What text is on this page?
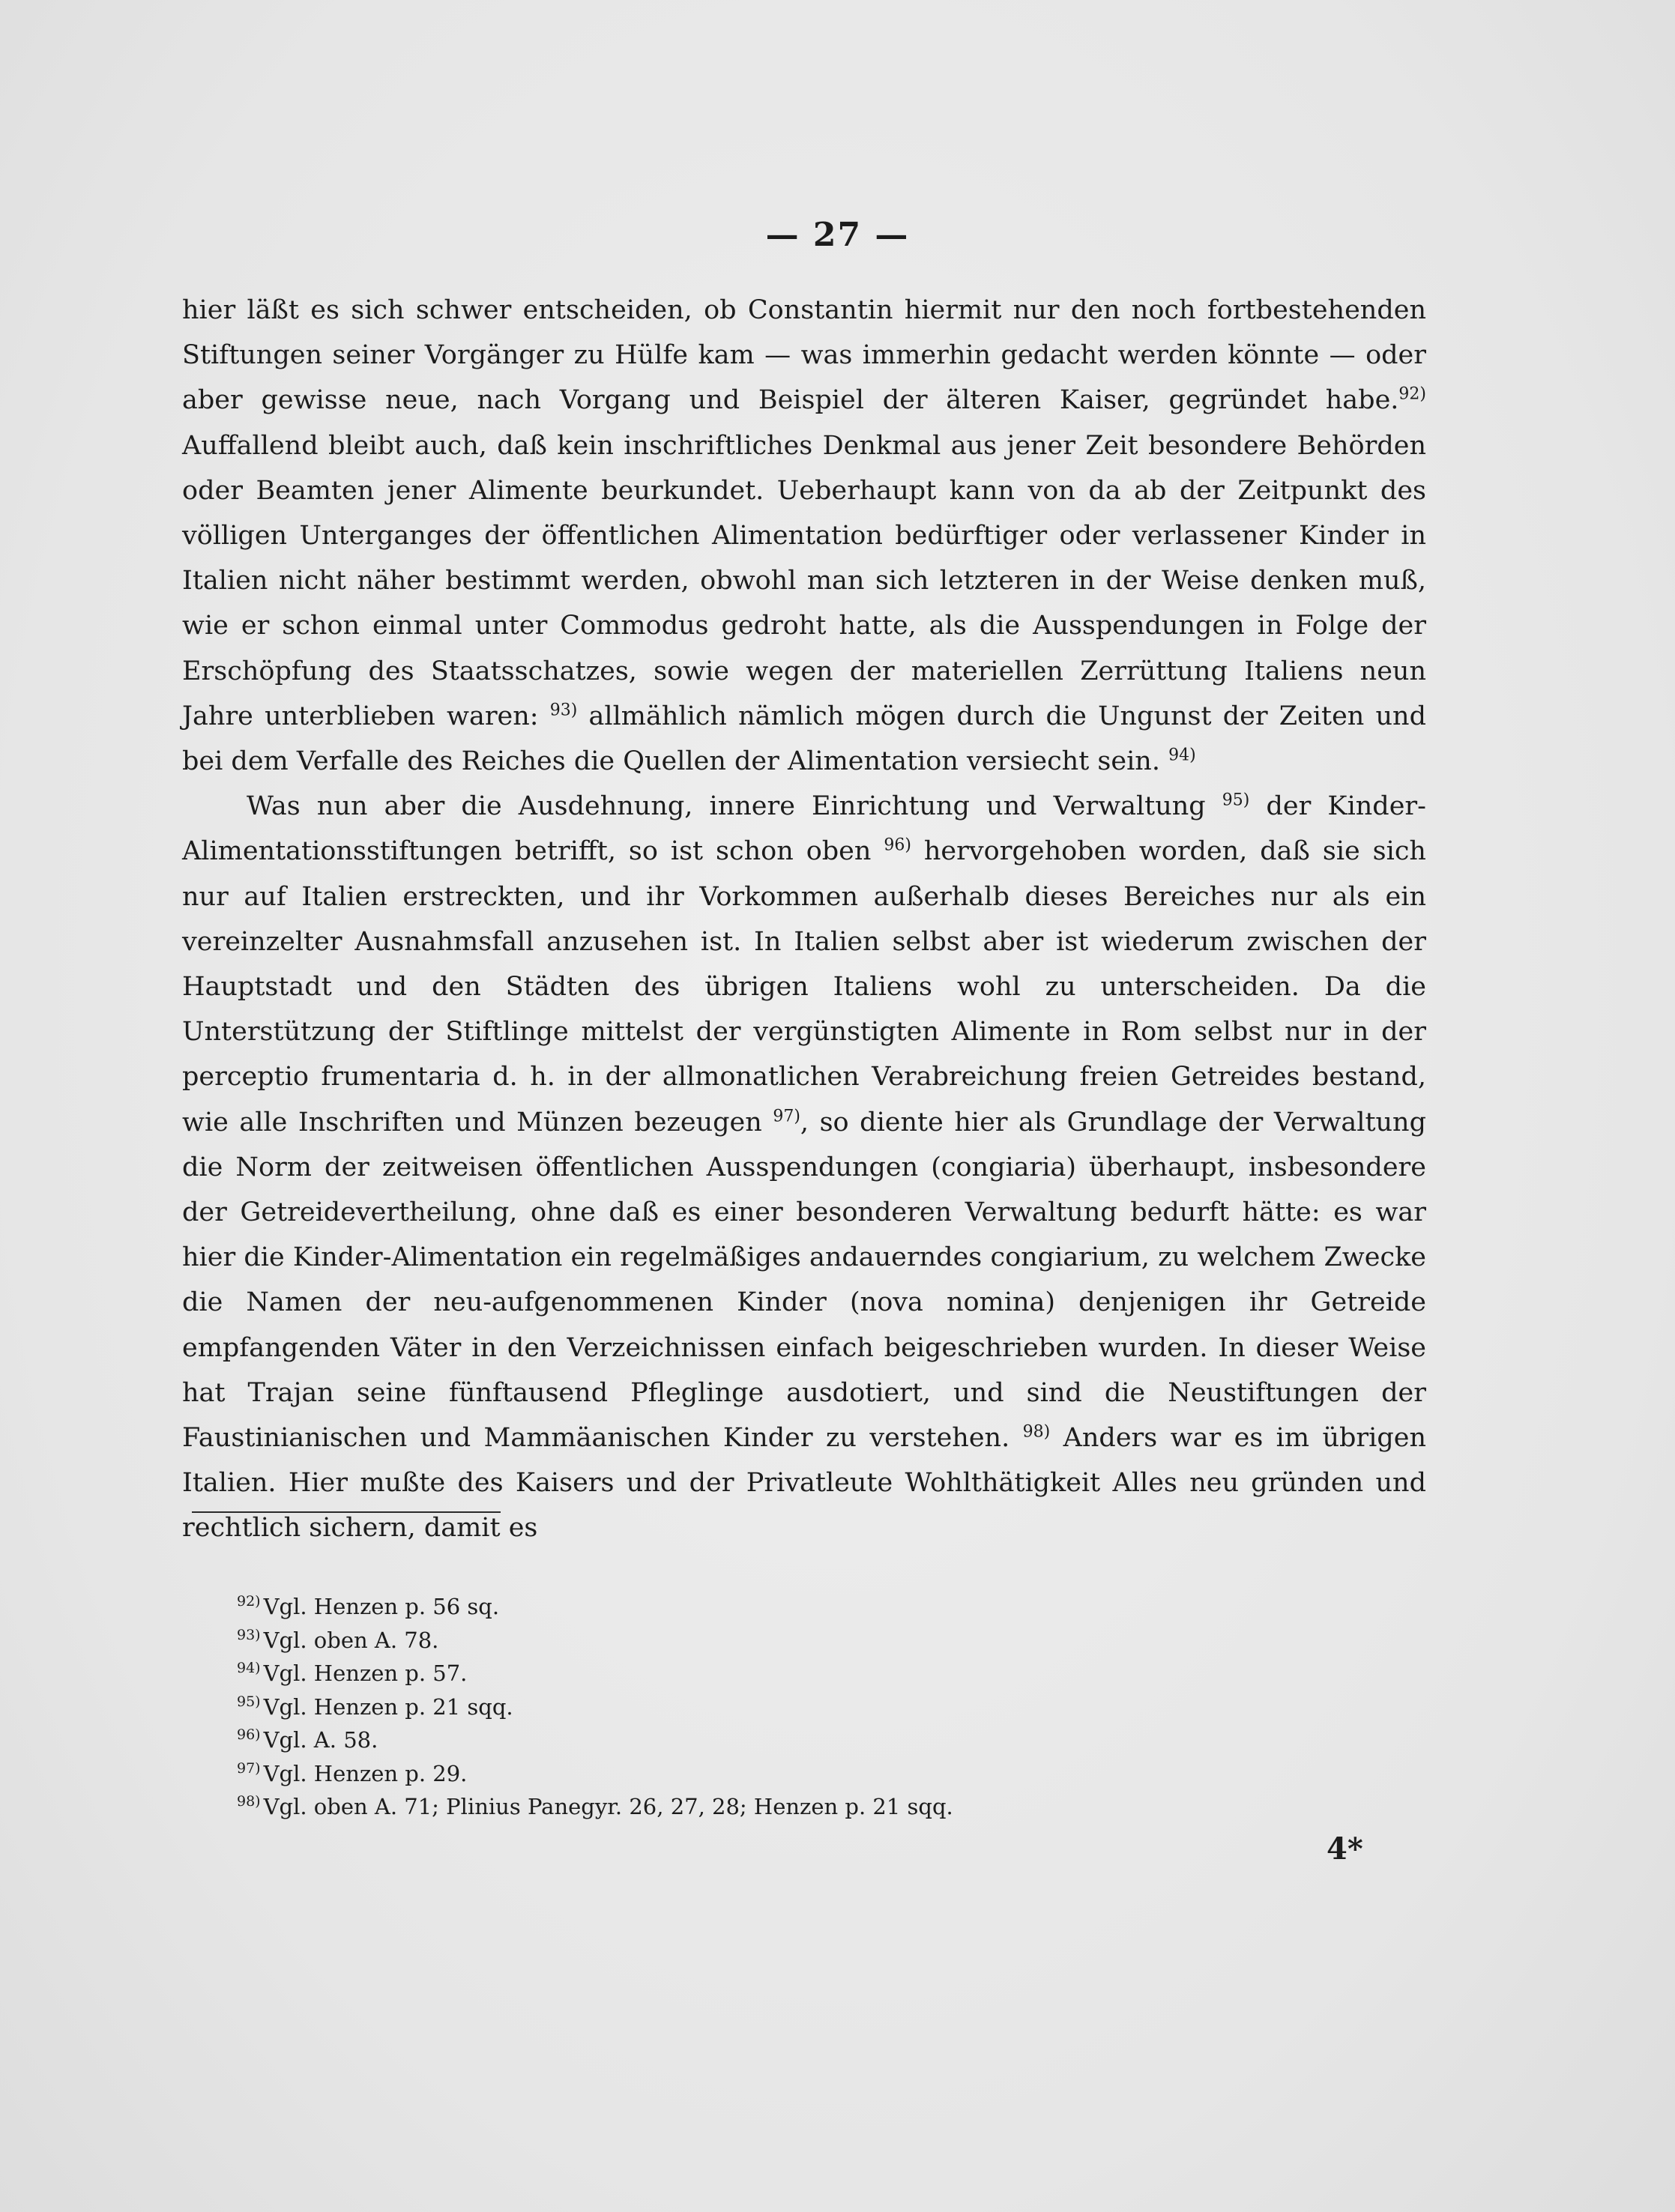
— 27 —

hier läßt es sich schwer entscheiden, ob Constantin hiermit nur den noch fortbestehenden Stiftungen seiner Vorgänger zu Hülfe kam — was immerhin gedacht werden könnte — oder aber gewisse neue, nach Vorgang und Beispiel der älteren Kaiser, gegründet habe.$^{92)}$ Auffallend bleibt auch, daß kein inschriftliches Denkmal aus jener Zeit besondere Behörden oder Beamten jener Alimente beurkundet. Ueberhaupt kann von da ab der Zeitpunkt des völligen Unterganges der öffentlichen Alimentation bedürftiger oder verlassener Kinder in Italien nicht näher bestimmt werden, obwohl man sich letzteren in der Weise denken muß, wie er schon einmal unter Commodus gedroht hatte, als die Ausspendungen in Folge der Erschöpfung des Staatsschatzes, sowie wegen der materiellen Zerrüttung Italiens neun Jahre unterblieben waren: $^{93)}$ allmählich nämlich mögen durch die Ungunst der Zeiten und bei dem Verfalle des Reiches die Quellen der Alimentation versiecht sein. $^{94)}$

Was nun aber die Ausdehnung, innere Einrichtung und Verwaltung $^{95)}$ der Kinder-Alimentationsstiftungen betrifft, so ist schon oben $^{96)}$ hervorgehoben worden, daß sie sich nur auf Italien erstreckten, und ihr Vorkommen außerhalb dieses Bereiches nur als ein vereinzelter Ausnahmsfall anzusehen ist. In Italien selbst aber ist wiederum zwischen der Hauptstadt und den Städten des übrigen Italiens wohl zu unterscheiden. Da die Unterstützung der Stiftlinge mittelst der vergünstigten Alimente in Rom selbst nur in der perceptio frumentaria d. h. in der allmonatlichen Verabreichung freien Getreides bestand, wie alle Inschriften und Münzen bezeugen $^{97)}$, so diente hier als Grundlage der Verwaltung die Norm der zeitweisen öffentlichen Ausspendungen (congiaria) überhaupt, insbesondere der Getreidevertheilung, ohne daß es einer besonderen Verwaltung bedurft hätte: es war hier die Kinder-Alimentation ein regelmäßiges andauerndes congiarium, zu welchem Zwecke die Namen der neu-aufgenommenen Kinder (nova nomina) denjenigen ihr Getreide empfangenden Väter in den Verzeichnissen einfach beigeschrieben wurden. In dieser Weise hat Trajan seine fünftausend Pfleglinge ausdotiert, und sind die Neustiftungen der Faustinianischen und Mammäanischen Kinder zu verstehen. $^{98)}$ Anders war es im übrigen Italien. Hier mußte des Kaisers und der Privatleute Wohlthätigkeit Alles neu gründen und rechtlich sichern, damit es

$^{92)}$ Vgl. Henzen p. 56 sq.
$^{93)}$ Vgl. oben A. 78.
$^{94)}$ Vgl. Henzen p. 57.
$^{95)}$ Vgl. Henzen p. 21 sqq.
$^{96)}$ Vgl. A. 58.
$^{97)}$ Vgl. Henzen p. 29.
$^{98)}$ Vgl. oben A. 71; Plinius Panegyr. 26, 27, 28; Henzen p. 21 sqq.
4*
